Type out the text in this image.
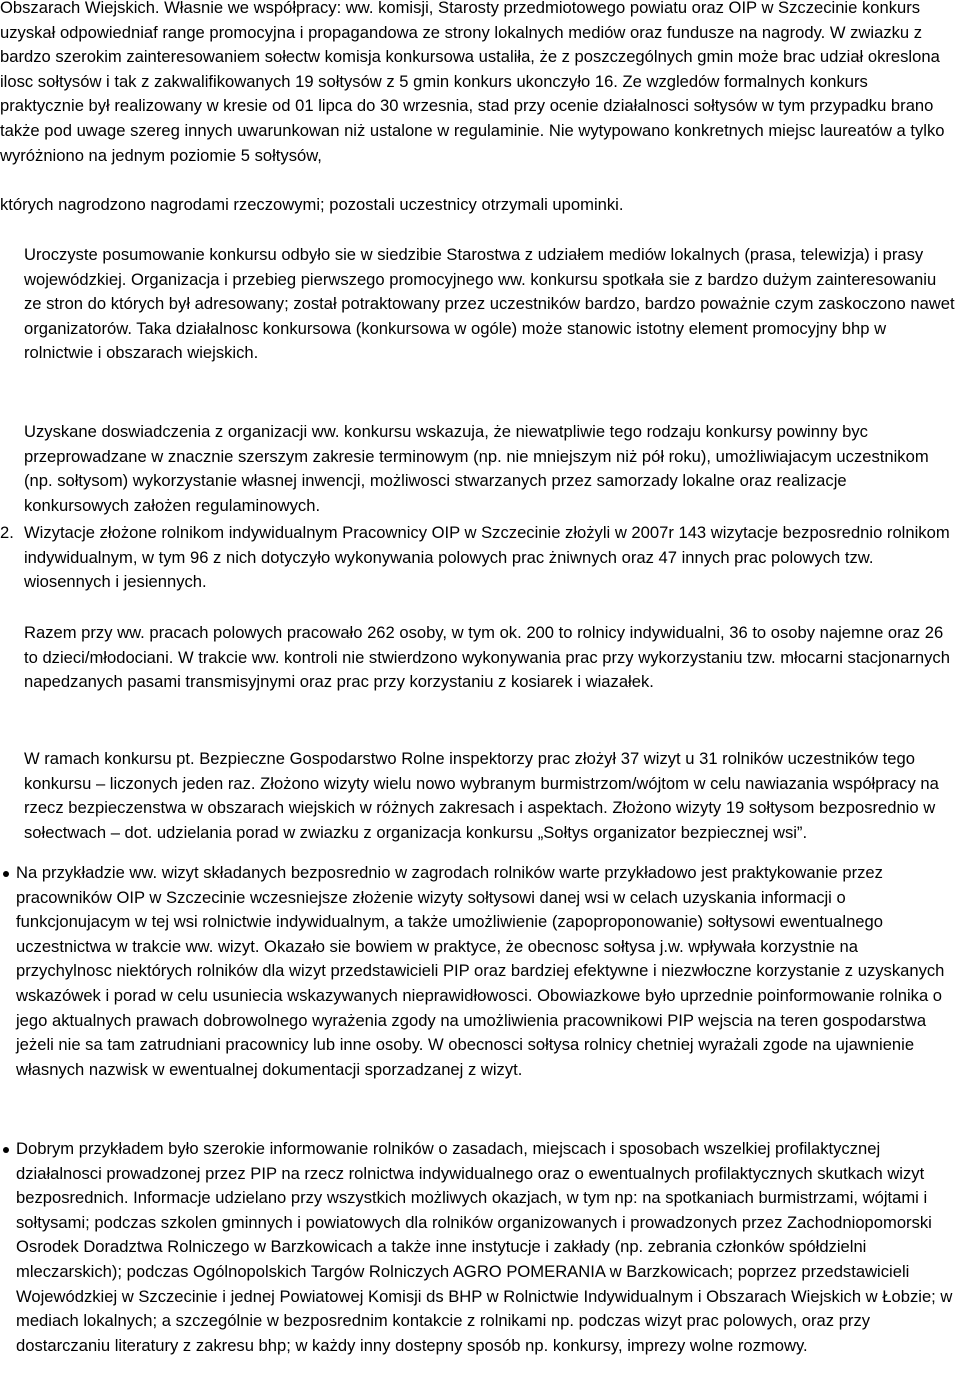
Obszarach Wiejskich. Własnie we współpracy: ww. komisji, Starosty przedmiotowego powiatu oraz OIP w Szczecinie konkurs uzyskał odpowiedniaf range promocyjna i propagandowa ze strony lokalnych mediów oraz fundusze na nagrody. W zwiazku z bardzo szerokim zainteresowaniem sołectw komisja konkursowa ustaliła, że z poszczególnych gmin może brac udział okreslona ilosc sołtysów i tak z zakwalifikowanych 19 sołtysów z 5 gmin konkurs ukonczyło 16. Ze wzgledów formalnych konkurs praktycznie był realizowany w kresie od 01 lipca do 30 wrzesnia, stad przy ocenie działalnosci sołtysów w tym przypadku brano także pod uwage szereg innych uwarunkowan niż ustalone w regulaminie. Nie wytypowano konkretnych miejsc laureatów a tylko wyróżniono na jednym poziomie 5 sołtysów,

których nagrodzono nagrodami rzeczowymi; pozostali uczestnicy otrzymali upominki.

Uroczyste posumowanie konkursu odbyło sie w siedzibie Starostwa z udziałem mediów lokalnych (prasa, telewizja) i prasy wojewódzkiej. Organizacja i przebieg pierwszego promocyjnego ww. konkursu spotkała sie z bardzo dużym zainteresowaniu ze stron do których był adresowany; został potraktowany przez uczestników bardzo, bardzo poważnie czym zaskoczono nawet organizatorów. Taka działalnosc konkursowa (konkursowa w ogóle) może stanowic istotny element promocyjny bhp w rolnictwie i obszarach wiejskich.

Uzyskane doswiadczenia z organizacji ww. konkursu wskazuja, że niewatpliwie tego rodzaju konkursy powinny byc przeprowadzane w znacznie szerszym zakresie terminowym (np. nie mniejszym niż pół roku), umożliwiajacym uczestnikom (np. sołtysom) wykorzystanie własnej inwencji, możliwosci stwarzanych przez samorzady lokalne oraz realizacje konkursowych założen regulaminowych.

2. Wizytacje złożone rolnikom indywidualnym Pracownicy OIP w Szczecinie złożyli w 2007r 143 wizytacje bezposrednio rolnikom indywidualnym, w tym 96 z nich dotyczyło wykonywania polowych prac żniwnych oraz 47 innych prac polowych tzw. wiosennych i jesiennych.

Razem przy ww. pracach polowych pracowało 262 osoby, w tym ok. 200 to rolnicy indywidualni, 36 to osoby najemne oraz 26 to dzieci/młodociani. W trakcie ww. kontroli nie stwierdzono wykonywania prac przy wykorzystaniu tzw. młocarni stacjonarnych napedzanych pasami transmisyjnymi oraz prac przy korzystaniu z kosiarek i wiazałek.

W ramach konkursu pt. Bezpieczne Gospodarstwo Rolne inspektorzy prac złożył 37 wizyt u 31 rolników uczestników tego konkursu – liczonych jeden raz. Złożono wizyty wielu nowo wybranym burmistrzom/wójtom w celu nawiazania współpracy na rzecz bezpieczenstwa w obszarach wiejskich w różnych zakresach i aspektach. Złożono wizyty 19 sołtysom bezposrednio w sołectwach – dot. udzielania porad w zwiazku z organizacja konkursu „Sołtys organizator bezpiecznej wsi”.

Na przykładzie ww. wizyt składanych bezposrednio w zagrodach rolników warte przykładowo jest praktykowanie przez pracowników OIP w Szczecinie wczesniejsze złożenie wizyty sołtysowi danej wsi w celach uzyskania informacji o funkcjonujacym w tej wsi rolnictwie indywidualnym, a także umożliwienie (zapoproponowanie) sołtysowi ewentualnego uczestnictwa w trakcie ww. wizyt. Okazało sie bowiem w praktyce, że obecnosc sołtysa j.w. wpływała korzystnie na przychylnosc niektórych rolników dla wizyt przedstawicieli PIP oraz bardziej efektywne i niezwłoczne korzystanie z uzyskanych wskazówek i porad w celu usuniecia wskazywanych nieprawidłowosci. Obowiazkowe było uprzednie poinformowanie rolnika o jego aktualnych prawach dobrowolnego wyrażenia zgody na umożliwienia pracownikowi PIP wejscia na teren gospodarstwa jeżeli nie sa tam zatrudniani pracownicy lub inne osoby. W obecnosci sołtysa rolnicy chetniej wyrażali zgode na ujawnienie własnych nazwisk w ewentualnej dokumentacji sporzadzanej z wizyt.

Dobrym przykładem było szerokie informowanie rolników o zasadach, miejscach i sposobach wszelkiej profilaktycznej działalnosci prowadzonej przez PIP na rzecz rolnictwa indywidualnego oraz o ewentualnych profilaktycznych skutkach wizyt bezposrednich. Informacje udzielano przy wszystkich możliwych okazjach, w tym np: na spotkaniach burmistrzami, wójtami i sołtysami; podczas szkolen gminnych i powiatowych dla rolników organizowanych i prowadzonych przez Zachodniopomorski Osrodek Doradztwa Rolniczego w Barzkowicach a także inne instytucje i zakłady (np. zebrania członków spółdzielni mleczarskich); podczas Ogólnopolskich Targów Rolniczych AGRO POMERANIA w Barzkowicach; poprzez przedstawicieli Wojewódzkiej w Szczecinie i jednej Powiatowej Komisji ds BHP w Rolnictwie Indywidualnym i Obszarach Wiejskich w Łobzie; w mediach lokalnych; a szczególnie w bezposrednim kontakcie z rolnikami np. podczas wizyt prac polowych, oraz przy dostarczaniu literatury z zakresu bhp; w każdy inny dostepny sposób np. konkursy, imprezy wolne rozmowy.
